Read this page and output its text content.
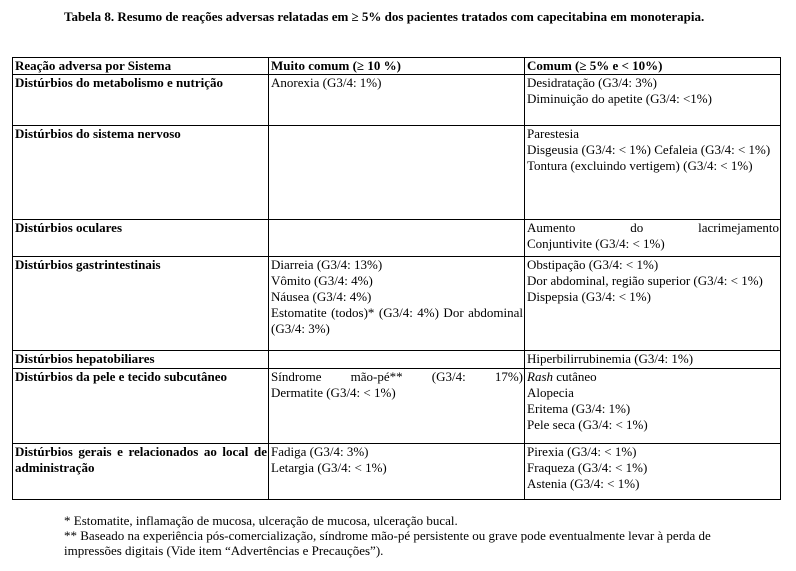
Tabela 8. Resumo de reações adversas relatadas em ≥ 5% dos pacientes tratados com capecitabina em monoterapia.
Reação adversa por Sistema	Muito comum (≥ 10 %)	Comum (≥ 5% e < 10%)
Distúrbios do metabolismo e nutrição	Anorexia (G3/4: 1%)	Desidratação (G3/4: 3%)
Diminuição do apetite (G3/4: <1%)

Distúrbios do sistema nervoso		Parestesia
Disgeusia (G3/4: < 1%) Cefaleia (G3/4: < 1%)
Tontura (excluindo vertigem) (G3/4: < 1%)

Distúrbios oculares		Aumento do lacrimejamento
Conjuntivite (G3/4: < 1%)

Distúrbios gastrintestinais	Diarreia (G3/4: 13%)
Vômito (G3/4: 4%)
Náusea (G3/4: 4%)
Estomatite (todos)* (G3/4: 4%) Dor abdominal (G3/4: 3%)	Obstipação (G3/4: < 1%)
Dor abdominal, região superior (G3/4: < 1%)
Dispepsia (G3/4: < 1%)

Distúrbios hepatobiliares		Hiperbilirrubinemia (G3/4: 1%)

Distúrbios da pele e tecido subcutâneo	Síndrome mão-pé** (G3/4: 17%)
Dermatite (G3/4: < 1%)	Rash cutâneo
Alopecia
Eritema (G3/4: 1%)
Pele seca (G3/4: < 1%)

Distúrbios gerais e relacionados ao local de administração	Fadiga (G3/4: 3%)
Letargia (G3/4: < 1%)	Pirexia (G3/4: < 1%)
Fraqueza (G3/4: < 1%)
Astenia (G3/4: < 1%)
* Estomatite, inflamação de mucosa, ulceração de mucosa, ulceração bucal.
** Baseado na experiência pós-comercialização, síndrome mão-pé persistente ou grave pode eventualmente levar à perda de impressões digitais (Vide item “Advertências e Precauções”).
